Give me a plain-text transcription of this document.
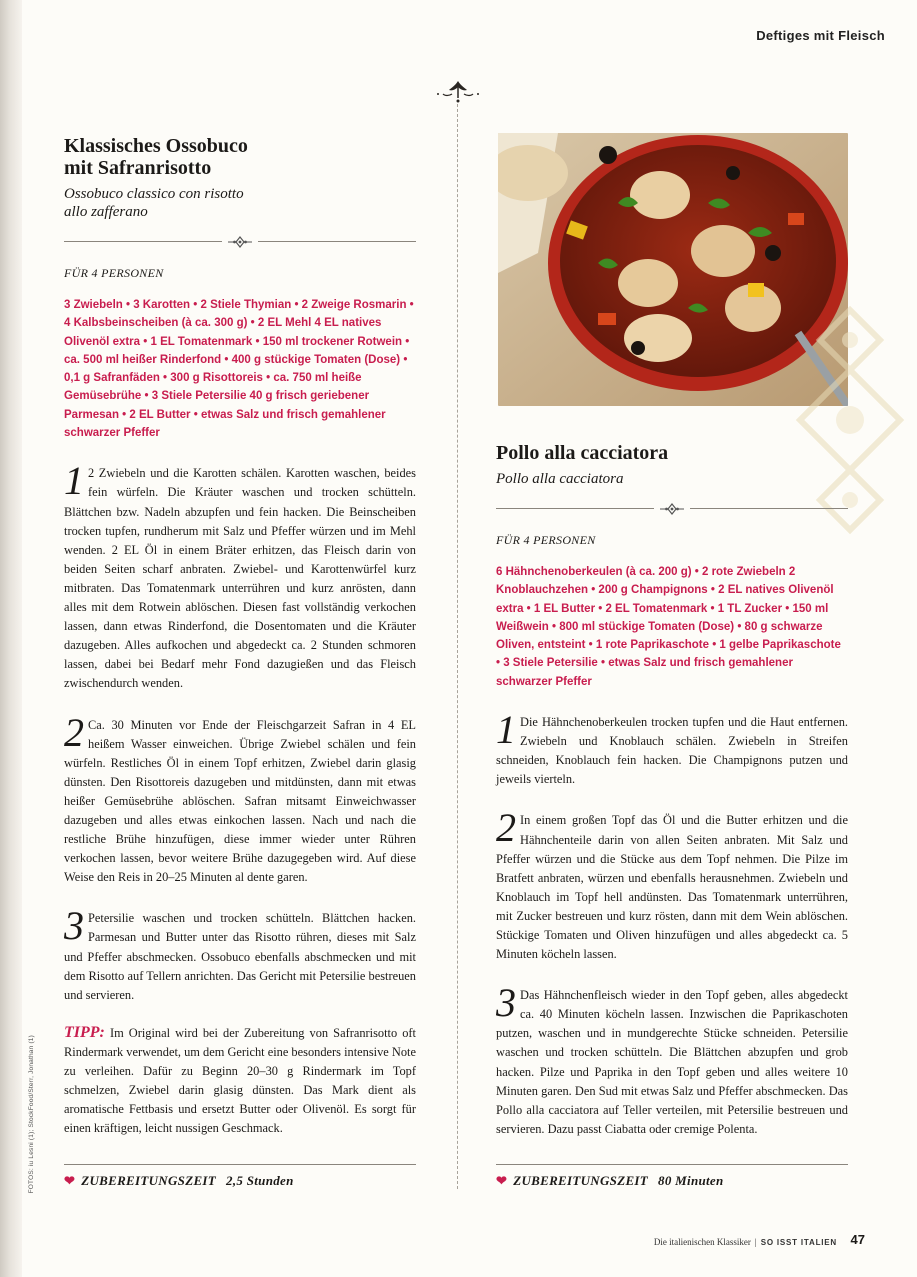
Deftiges mit Fleisch
Klassisches Ossobuco
mit Safranrisotto
Ossobuco classico con risotto
allo zafferano
FÜR 4 PERSONEN
3 Zwiebeln • 3 Karotten • 2 Stiele Thymian • 2 Zweige Rosmarin • 4 Kalbsbeinscheiben (à ca. 300 g) • 2 EL Mehl 4 EL natives Olivenöl extra • 1 EL Tomatenmark • 150 ml trockener Rotwein • ca. 500 ml heißer Rinderfond • 400 g stückige Tomaten (Dose) • 0,1 g Safranfäden • 300 g Risottoreis • ca. 750 ml heiße Gemüsebrühe • 3 Stiele Petersilie 40 g frisch geriebener Parmesan • 2 EL Butter • etwas Salz und frisch gemahlener schwarzer Pfeffer
1 2 Zwiebeln und die Karotten schälen. Karotten waschen, beides fein würfeln. Die Kräuter waschen und trocken schütteln. Blättchen bzw. Nadeln abzupfen und fein hacken. Die Beinscheiben trocken tupfen, rundherum mit Salz und Pfeffer würzen und im Mehl wenden. 2 EL Öl in einem Bräter erhitzen, das Fleisch darin von beiden Seiten scharf anbraten. Zwiebel- und Karottenwürfel kurz mitbraten. Das Tomatenmark unterrühren und kurz anrösten, dann alles mit dem Rotwein ablöschen. Diesen fast vollständig verkochen lassen, dann etwas Rinderfond, die Dosentomaten und die Kräuter dazugeben. Alles aufkochen und abgedeckt ca. 2 Stunden schmoren lassen, dabei bei Bedarf mehr Fond dazugießen und das Fleisch zwischendurch wenden.
2 Ca. 30 Minuten vor Ende der Fleischgarzeit Safran in 4 EL heißem Wasser einweichen. Übrige Zwiebel schälen und fein würfeln. Restliches Öl in einem Topf erhitzen, Zwiebel darin glasig dünsten. Den Risottoreis dazugeben und mitdünsten, dann mit etwas heißer Gemüsebrühe ablöschen. Safran mitsamt Einweichwasser dazugeben und alles etwas einkochen lassen. Nach und nach die restliche Brühe hinzufügen, diese immer wieder unter Rühren verkochen lassen, bevor weitere Brühe dazugegeben wird. Auf diese Weise den Reis in 20–25 Minuten al dente garen.
3 Petersilie waschen und trocken schütteln. Blättchen hacken. Parmesan und Butter unter das Risotto rühren, dieses mit Salz und Pfeffer abschmecken. Ossobuco ebenfalls abschmecken und mit dem Risotto auf Tellern anrichten. Das Gericht mit Petersilie bestreuen und servieren.
TIPP: Im Original wird bei der Zubereitung von Safranrisotto oft Rindermark verwendet, um dem Gericht eine besonders intensive Note zu verleihen. Dafür zu Beginn 20–30 g Rindermark im Topf schmelzen, Zwiebel darin glasig dünsten. Das Mark dient als aromatische Fettbasis und ersetzt Butter oder Olivenöl. Es sorgt für einen kräftigen, leicht nussigen Geschmack.
❤ ZUBEREITUNGSZEIT 2,5 Stunden
Pollo alla cacciatora
Pollo alla cacciatora
FÜR 4 PERSONEN
6 Hähnchenoberkeulen (à ca. 200 g) • 2 rote Zwiebeln 2 Knoblauchzehen • 200 g Champignons • 2 EL natives Olivenöl extra • 1 EL Butter • 2 EL Tomatenmark • 1 TL Zucker • 150 ml Weißwein • 800 ml stückige Tomaten (Dose) • 80 g schwarze Oliven, entsteint • 1 rote Paprikaschote • 1 gelbe Paprikaschote • 3 Stiele Petersilie • etwas Salz und frisch gemahlener schwarzer Pfeffer
1 Die Hähnchenoberkeulen trocken tupfen und die Haut entfernen. Zwiebeln und Knoblauch schälen. Zwiebeln in Streifen schneiden, Knoblauch fein hacken. Die Champignons putzen und jeweils vierteln.
2 In einem großen Topf das Öl und die Butter erhitzen und die Hähnchenteile darin von allen Seiten anbraten. Mit Salz und Pfeffer würzen und die Stücke aus dem Topf nehmen. Die Pilze im Bratfett anbraten, würzen und ebenfalls herausnehmen. Zwiebeln und Knoblauch im Topf hell andünsten. Das Tomatenmark unterrühren, mit Zucker bestreuen und kurz rösten, dann mit dem Wein ablöschen. Stückige Tomaten und Oliven hinzufügen und alles abgedeckt ca. 5 Minuten köcheln lassen.
3 Das Hähnchenfleisch wieder in den Topf geben, alles abgedeckt ca. 40 Minuten köcheln lassen. Inzwischen die Paprikaschoten putzen, waschen und in mundgerechte Stücke schneiden. Petersilie waschen und trocken schütteln. Die Blättchen abzupfen und grob hacken. Pilze und Paprika in den Topf geben und alles weitere 10 Minuten garen. Den Sud mit etwas Salz und Pfeffer abschmecken. Das Pollo alla cacciatora auf Teller verteilen, mit Petersilie bestreuen und servieren. Dazu passt Ciabatta oder cremige Polenta.
❤ ZUBEREITUNGSZEIT 80 Minuten
FOTOS: iu Lesni (1); StockFood/Sterr, Jonathan (1)
Die italienischen Klassiker | SO ISST ITALIEN 47
